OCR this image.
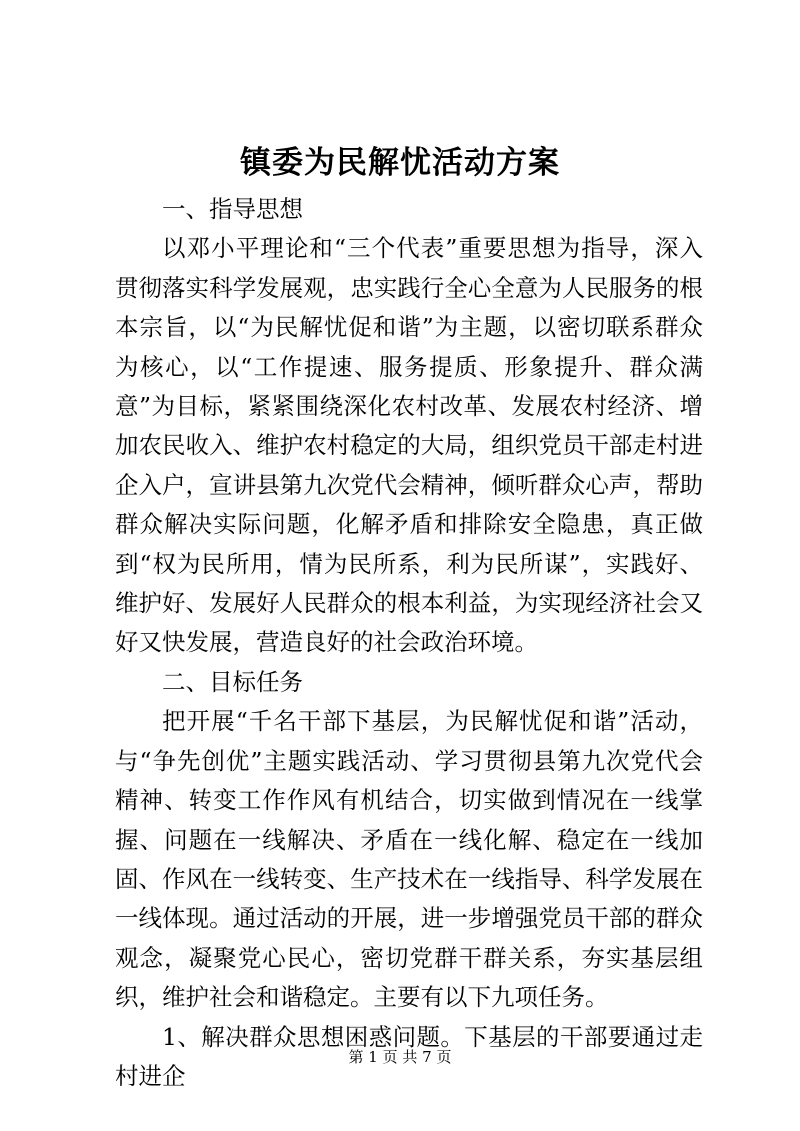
镇委为民解忧活动方案

一、指导思想

以邓小平理论和“三个代表”重要思想为指导，深入贯彻落实科学发展观，忠实践行全心全意为人民服务的根本宗旨，以“为民解忧促和谐”为主题，以密切联系群众为核心，以“工作提速、服务提质、形象提升、群众满意”为目标，紧紧围绕深化农村改革、发展农村经济、增加农民收入、维护农村稳定的大局，组织党员干部走村进企入户，宣讲县第九次党代会精神，倾听群众心声，帮助群众解决实际问题，化解矛盾和排除安全隐患，真正做到“权为民所用，情为民所系，利为民所谋”，实践好、维护好、发展好人民群众的根本利益，为实现经济社会又好又快发展，营造良好的社会政治环境。

二、目标任务

把开展“千名干部下基层，为民解忧促和谐”活动，与“争先创优”主题实践活动、学习贯彻县第九次党代会精神、转变工作作风有机结合，切实做到情况在一线掌握、问题在一线解决、矛盾在一线化解、稳定在一线加固、作风在一线转变、生产技术在一线指导、科学发展在一线体现。通过活动的开展，进一步增强党员干部的群众观念，凝聚党心民心，密切党群干群关系，夯实基层组织，维护社会和谐稳定。主要有以下九项任务。

1、解决群众思想困惑问题。下基层的干部要通过走村进企

第 1 页 共 7 页
